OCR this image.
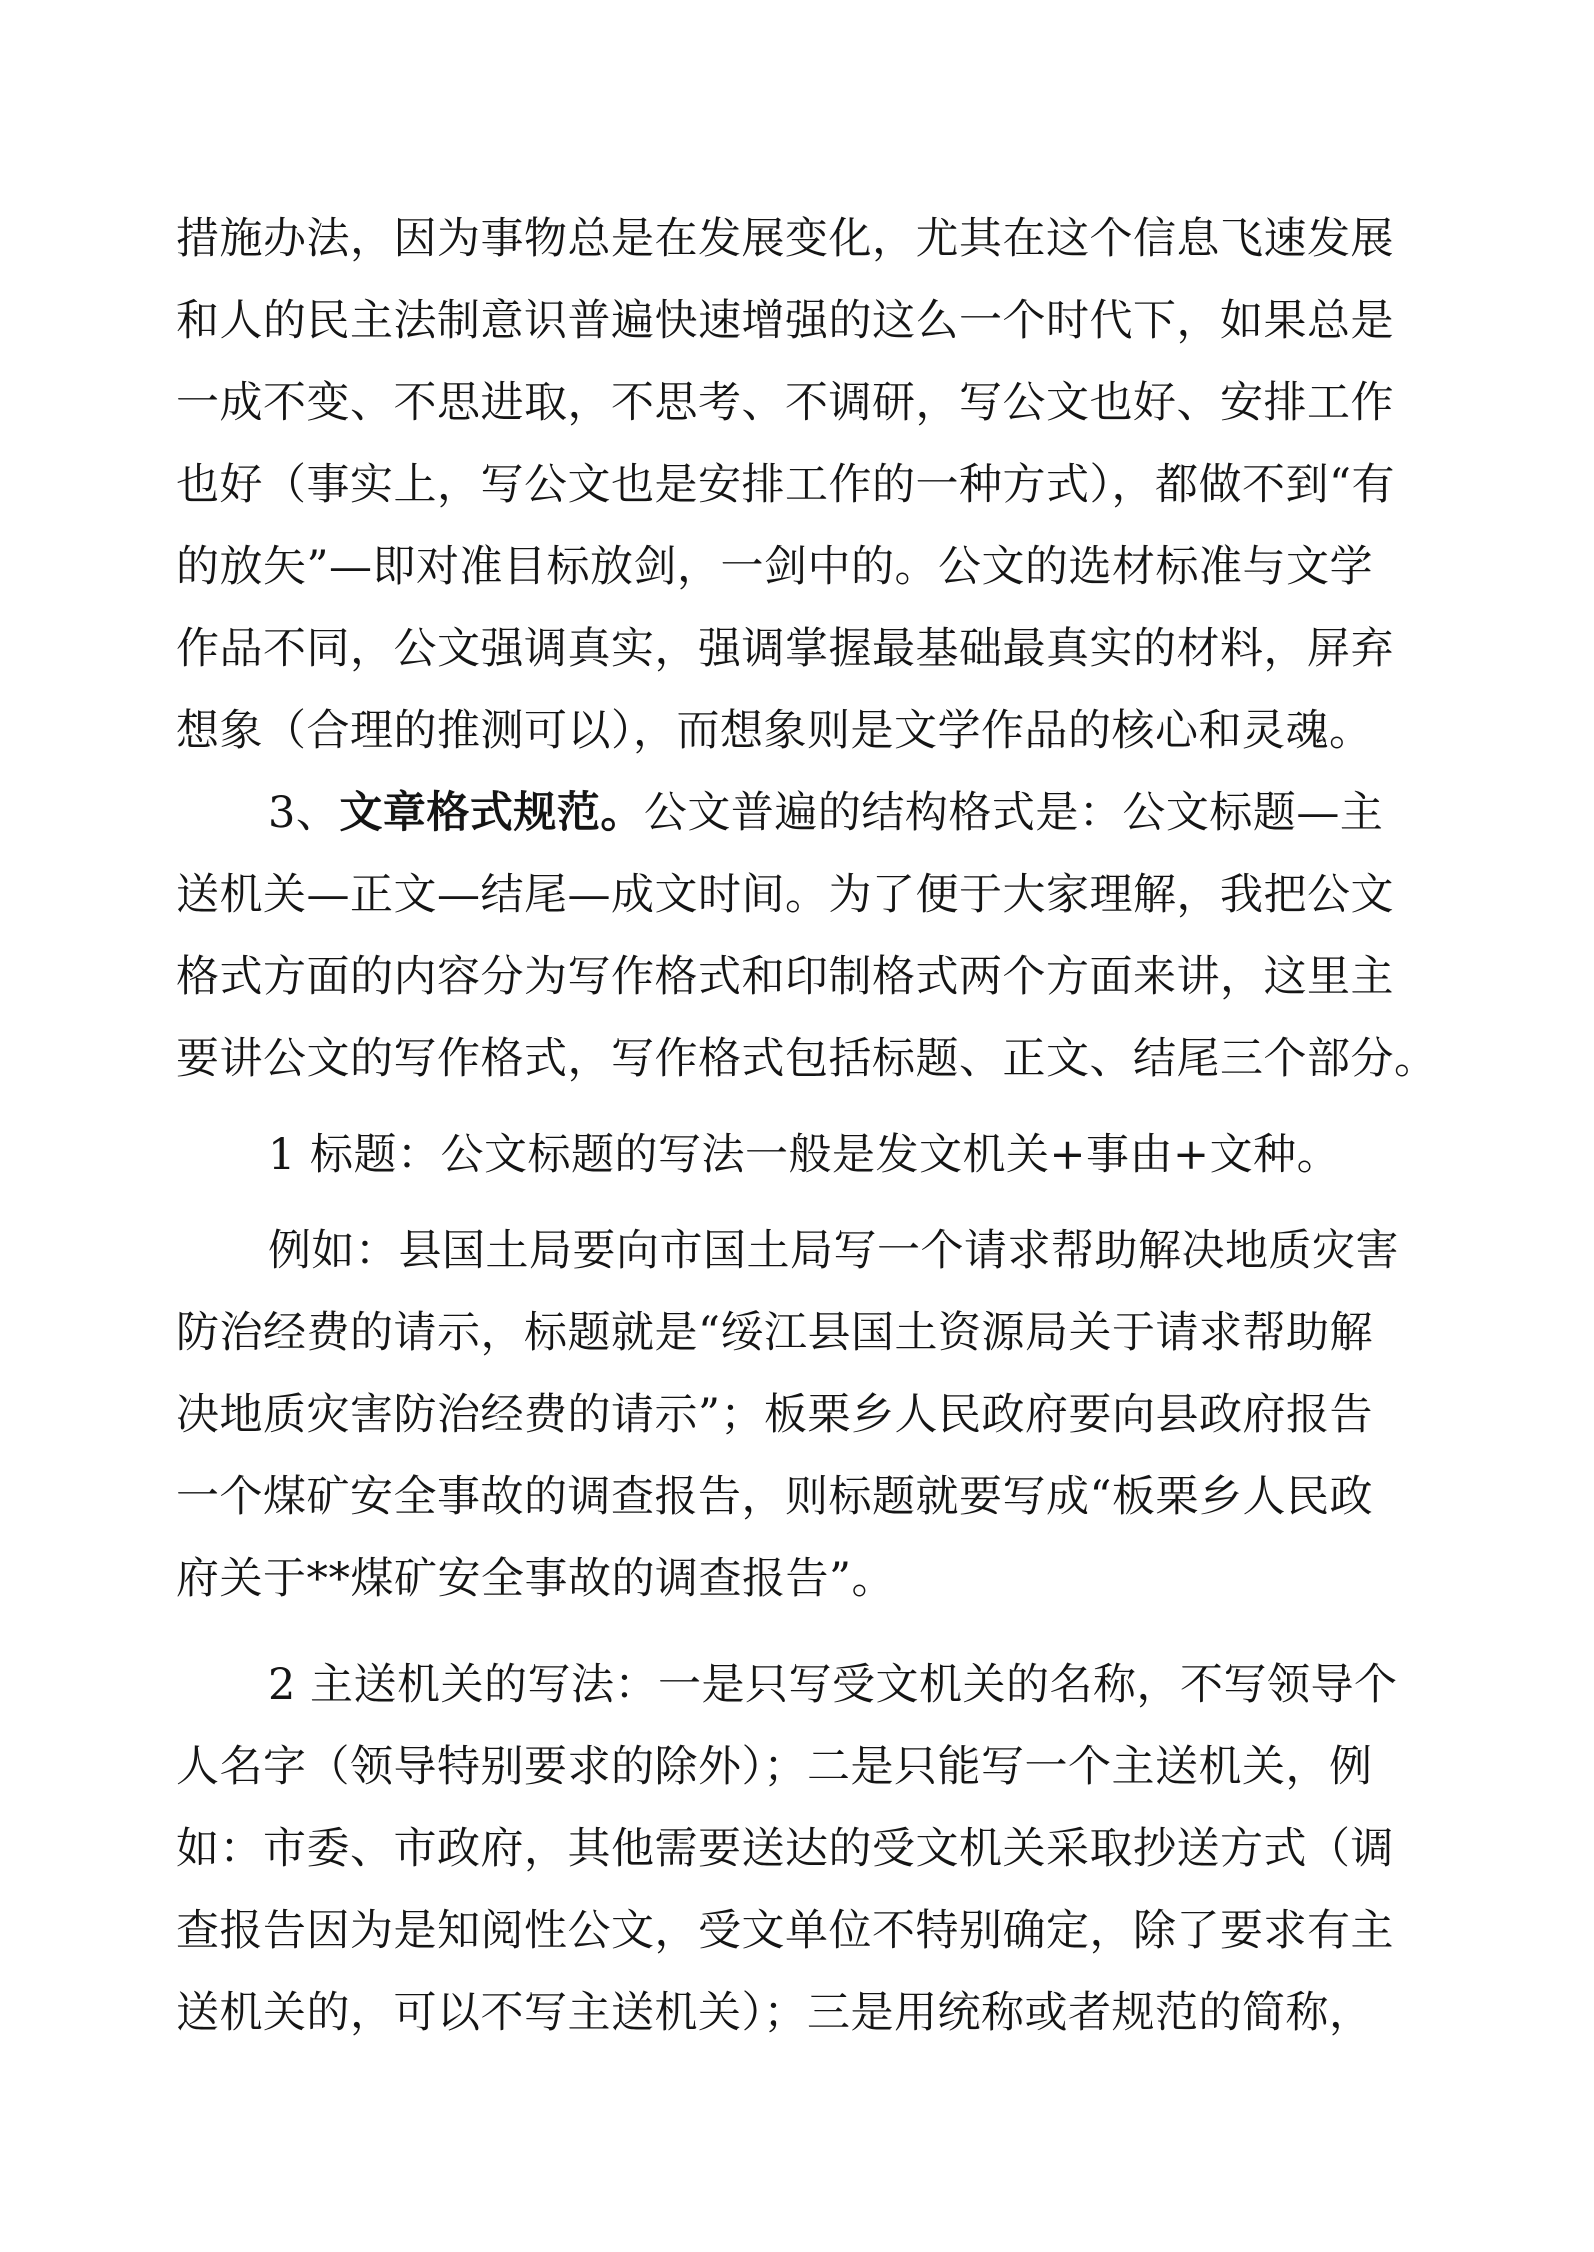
措施办法，因为事物总是在发展变化，尤其在这个信息飞速发展
和人的民主法制意识普遍快速增强的这么一个时代下，如果总是
一成不变、不思进取，不思考、不调研，写公文也好、安排工作
也好（事实上，写公文也是安排工作的一种方式），都做不到“有
的放矢”—即对准目标放剑，一剑中的。公文的选材标准与文学
作品不同，公文强调真实，强调掌握最基础最真实的材料，屏弃
想象（合理的推测可以），而想象则是文学作品的核心和灵魂。
3、文章格式规范。公文普遍的结构格式是：公文标题—主
送机关—正文—结尾—成文时间。为了便于大家理解，我把公文
格式方面的内容分为写作格式和印制格式两个方面来讲，这里主
要讲公文的写作格式，写作格式包括标题、正文、结尾三个部分。
1 标题：公文标题的写法一般是发文机关+事由+文种。
例如：县国土局要向市国土局写一个请求帮助解决地质灾害
防治经费的请示，标题就是“绥江县国土资源局关于请求帮助解
决地质灾害防治经费的请示”；板栗乡人民政府要向县政府报告
一个煤矿安全事故的调查报告，则标题就要写成“板栗乡人民政
府关于**煤矿安全事故的调查报告”。
2 主送机关的写法：一是只写受文机关的名称，不写领导个
人名字（领导特别要求的除外）；二是只能写一个主送机关，例
如：市委、市政府，其他需要送达的受文机关采取抄送方式（调
查报告因为是知阅性公文，受文单位不特别确定，除了要求有主
送机关的，可以不写主送机关）；三是用统称或者规范的简称，
